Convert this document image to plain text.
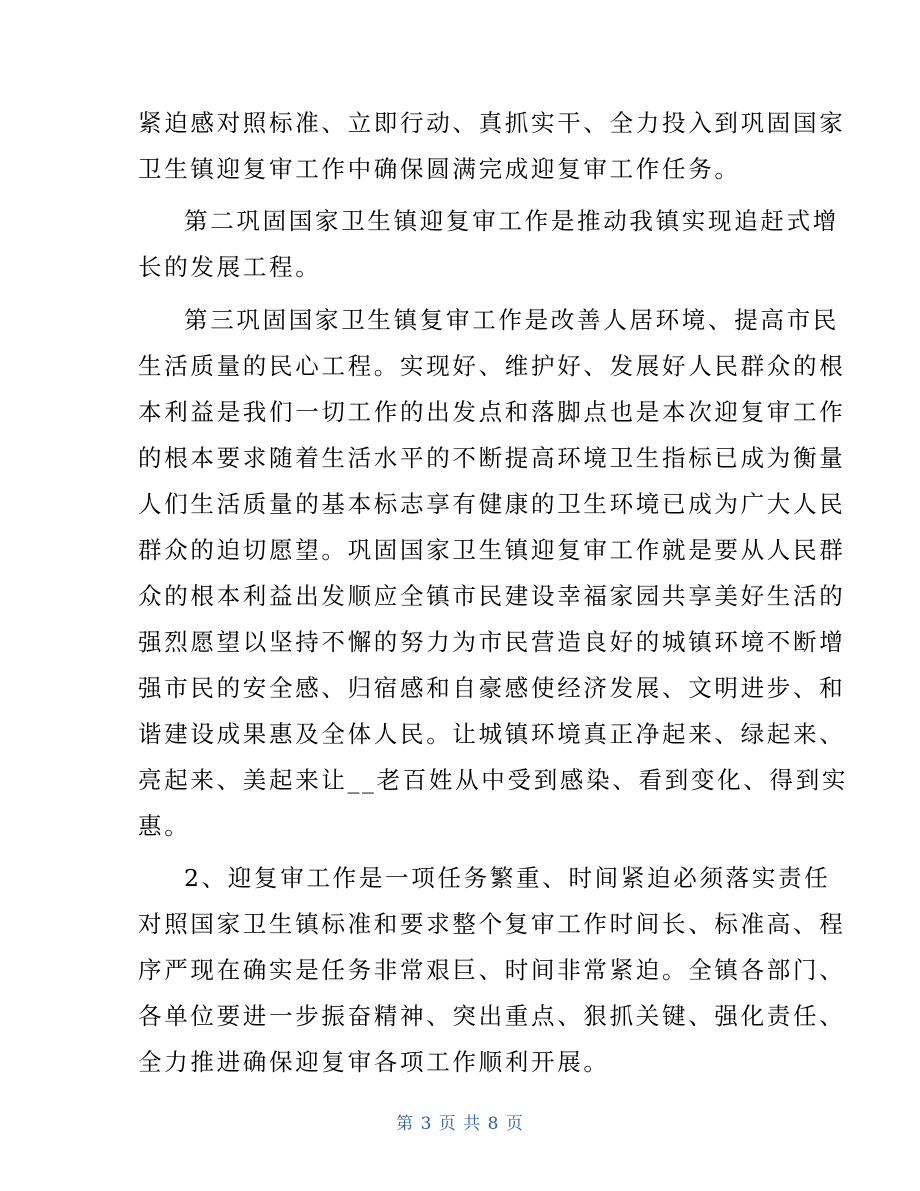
紧迫感对照标准、立即行动、真抓实干、全力投入到巩固国家
卫生镇迎复审工作中确保圆满完成迎复审工作任务。
第二巩固国家卫生镇迎复审工作是推动我镇实现追赶式增
长的发展工程。
第三巩固国家卫生镇复审工作是改善人居环境、提高市民
生活质量的民心工程。实现好、维护好、发展好人民群众的根
本利益是我们一切工作的出发点和落脚点也是本次迎复审工作
的根本要求随着生活水平的不断提高环境卫生指标已成为衡量
人们生活质量的基本标志享有健康的卫生环境已成为广大人民
群众的迫切愿望。巩固国家卫生镇迎复审工作就是要从人民群
众的根本利益出发顺应全镇市民建设幸福家园共享美好生活的
强烈愿望以坚持不懈的努力为市民营造良好的城镇环境不断增
强市民的安全感、归宿感和自豪感使经济发展、文明进步、和
谐建设成果惠及全体人民。让城镇环境真正净起来、绿起来、
亮起来、美起来让__老百姓从中受到感染、看到变化、得到实
惠。
2、迎复审工作是一项任务繁重、时间紧迫必须落实责任
对照国家卫生镇标准和要求整个复审工作时间长、标准高、程
序严现在确实是任务非常艰巨、时间非常紧迫。全镇各部门、
各单位要进一步振奋精神、突出重点、狠抓关键、强化责任、
全力推进确保迎复审各项工作顺利开展。
第 3 页 共 8 页
